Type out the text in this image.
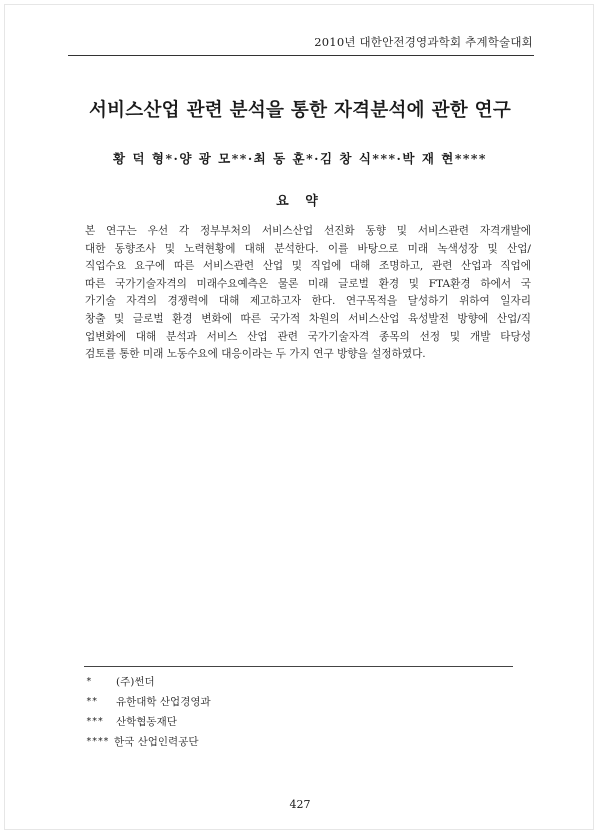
2010년 대한안전경영과학회 추계학술대회
서비스산업 관련 분석을 통한 자격분석에 관한 연구
황 덕 형*·양 광 모**·최 동 훈*·김 창 식***·박 재 현****
요 약
본 연구는 우선 각 정부부처의 서비스산업 선진화 동향 및 서비스관련 자격개발에
대한 동향조사 및 노력현황에 대해 분석한다. 이를 바탕으로 미래 녹색성장 및 산업/
직업수요 요구에 따른 서비스관련 산업 및 직업에 대해 조명하고, 관련 산업과 직업에
따른 국가기술자격의 미래수요예측은 물론 미래 글로벌 환경 및 FTA환경 하에서 국
가기술 자격의 경쟁력에 대해 제고하고자 한다. 연구목적을 달성하기 위하여 일자리
창출 및 글로벌 환경 변화에 따른 국가적 차원의 서비스산업 육성발전 방향에 산업/직
업변화에 대해 분석과 서비스 산업 관련 국가기술자격 종목의 선정 및 개발 타당성
검토를 통한 미래 노동수요에 대응이라는 두 가지 연구 방향을 설정하였다.
*	(주)썬더
**	유한대학 산업경영과
***	산학협동재단
**** 한국 산업인력공단
427
